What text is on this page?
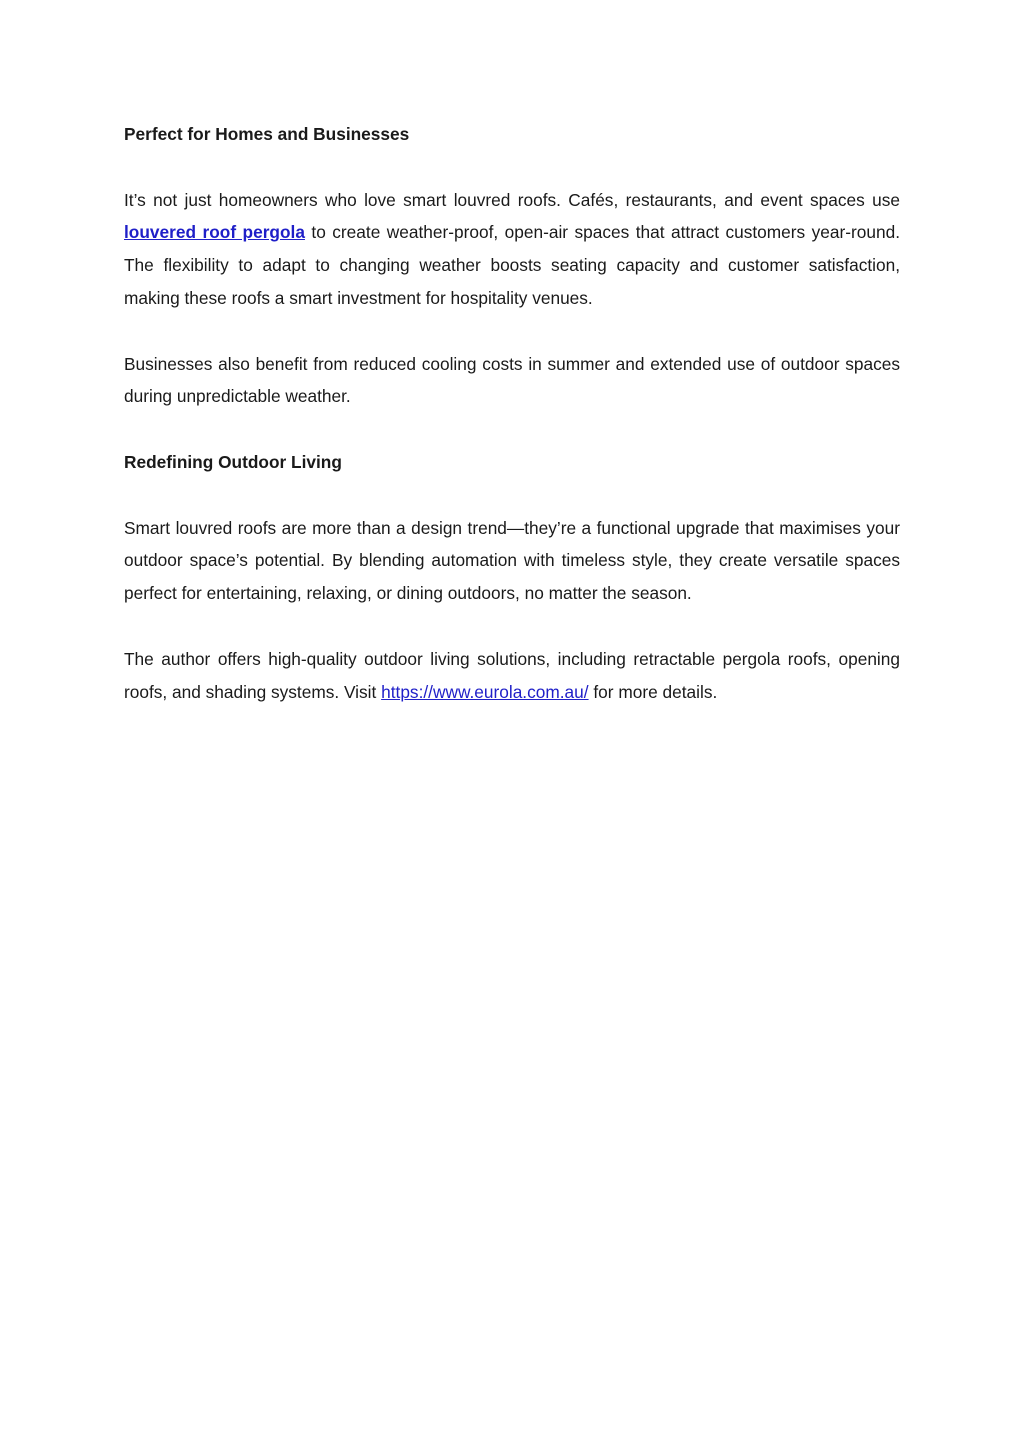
Perfect for Homes and Businesses

It’s not just homeowners who love smart louvred roofs. Cafés, restaurants, and event spaces use louvered roof pergola to create weather-proof, open-air spaces that attract customers year-round. The flexibility to adapt to changing weather boosts seating capacity and customer satisfaction, making these roofs a smart investment for hospitality venues.

Businesses also benefit from reduced cooling costs in summer and extended use of outdoor spaces during unpredictable weather.

Redefining Outdoor Living

Smart louvred roofs are more than a design trend—they’re a functional upgrade that maximises your outdoor space’s potential. By blending automation with timeless style, they create versatile spaces perfect for entertaining, relaxing, or dining outdoors, no matter the season.

The author offers high-quality outdoor living solutions, including retractable pergola roofs, opening roofs, and shading systems. Visit https://www.eurola.com.au/ for more details.
